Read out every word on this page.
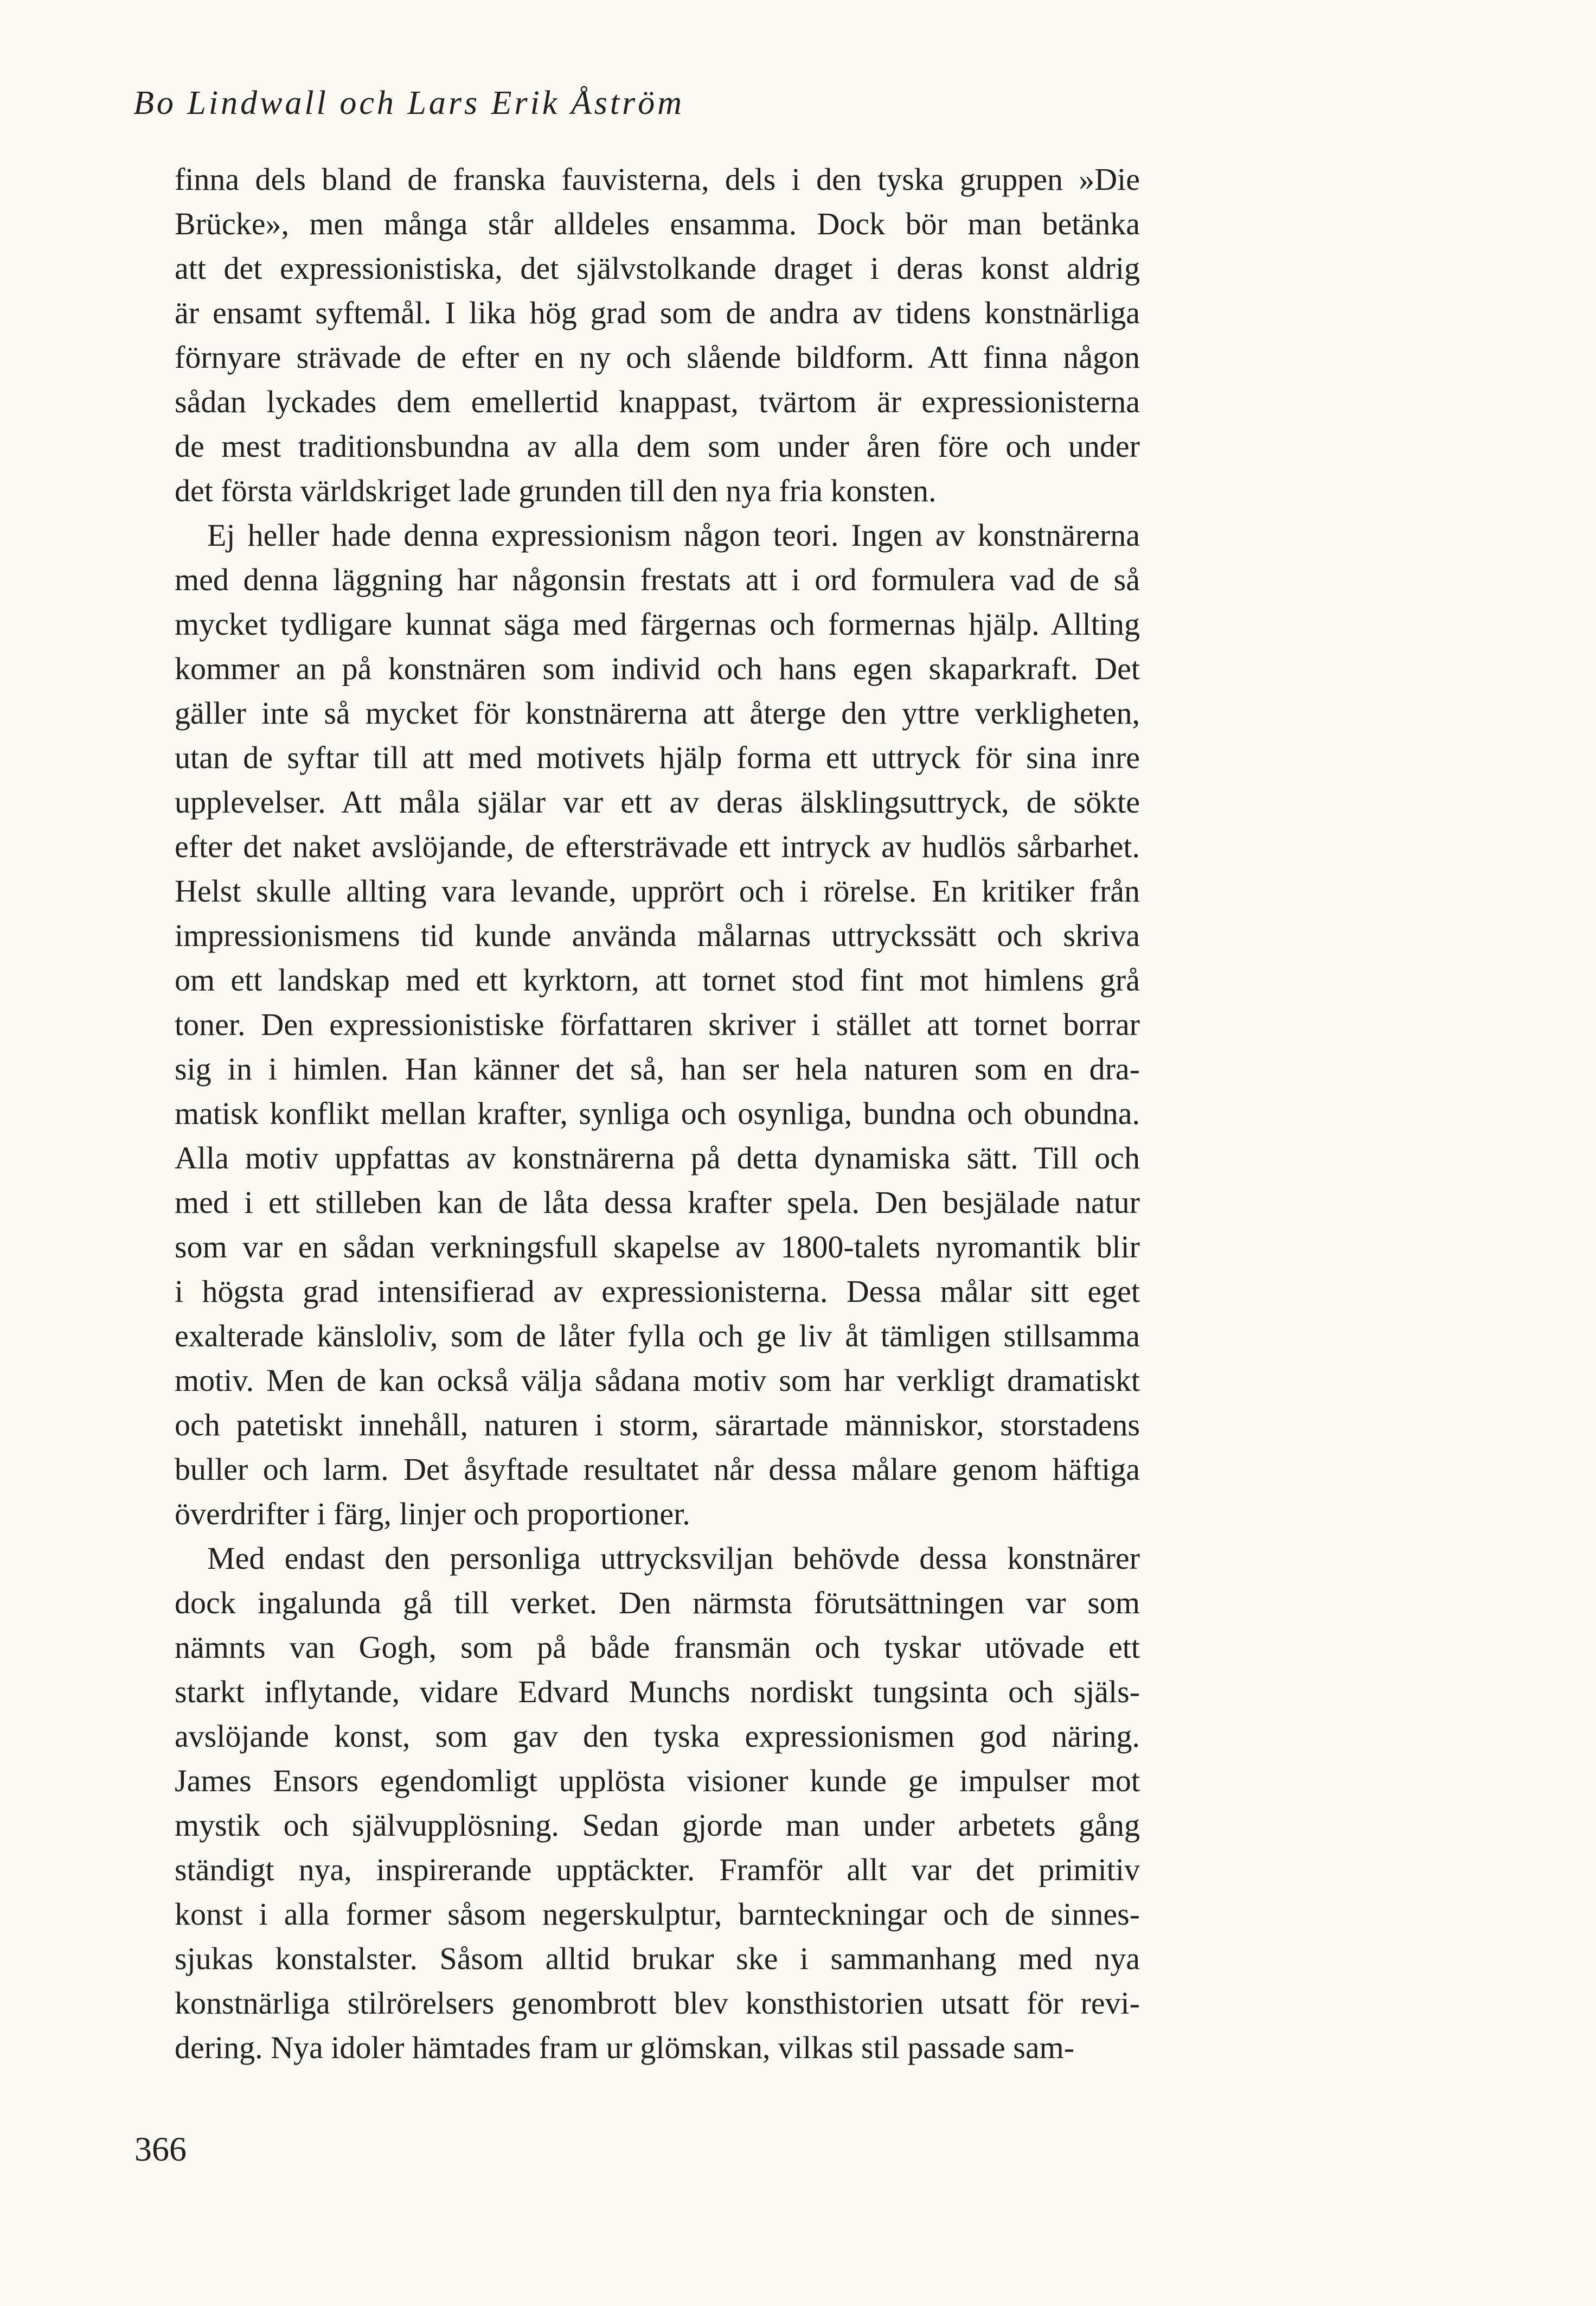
Bo Lindwall och Lars Erik Åström
finna dels bland de franska fauvisterna, dels i den tyska gruppen »Die
Brücke», men många står alldeles ensamma. Dock bör man betänka
att det expressionistiska, det självstolkande draget i deras konst aldrig
är ensamt syftemål. I lika hög grad som de andra av tidens konstnärliga
förnyare strävade de efter en ny och slående bildform. Att finna någon
sådan lyckades dem emellertid knappast, tvärtom är expressionisterna
de mest traditionsbundna av alla dem som under åren före och under
det första världskriget lade grunden till den nya fria konsten.
Ej heller hade denna expressionism någon teori. Ingen av konstnärerna
med denna läggning har någonsin frestats att i ord formulera vad de så
mycket tydligare kunnat säga med färgernas och formernas hjälp. Allting
kommer an på konstnären som individ och hans egen skaparkraft. Det
gäller inte så mycket för konstnärerna att återge den yttre verkligheten,
utan de syftar till att med motivets hjälp forma ett uttryck för sina inre
upplevelser. Att måla själar var ett av deras älsklingsuttryck, de sökte
efter det naket avslöjande, de eftersträvade ett intryck av hudlös sårbarhet.
Helst skulle allting vara levande, upprört och i rörelse. En kritiker från
impressionismens tid kunde använda målarnas uttryckssätt och skriva
om ett landskap med ett kyrktorn, att tornet stod fint mot himlens grå
toner. Den expressionistiske författaren skriver i stället att tornet borrar
sig in i himlen. Han känner det så, han ser hela naturen som en dra-
matisk konflikt mellan krafter, synliga och osynliga, bundna och obundna.
Alla motiv uppfattas av konstnärerna på detta dynamiska sätt. Till och
med i ett stilleben kan de låta dessa krafter spela. Den besjälade natur
som var en sådan verkningsfull skapelse av 1800-talets nyromantik blir
i högsta grad intensifierad av expressionisterna. Dessa målar sitt eget
exalterade känsloliv, som de låter fylla och ge liv åt tämligen stillsamma
motiv. Men de kan också välja sådana motiv som har verkligt dramatiskt
och patetiskt innehåll, naturen i storm, särartade människor, storstadens
buller och larm. Det åsyftade resultatet når dessa målare genom häftiga
överdrifter i färg, linjer och proportioner.
Med endast den personliga uttrycksviljan behövde dessa konstnärer
dock ingalunda gå till verket. Den närmsta förutsättningen var som
nämnts van Gogh, som på både fransmän och tyskar utövade ett
starkt inflytande, vidare Edvard Munchs nordiskt tungsinta och själs-
avslöjande konst, som gav den tyska expressionismen god näring.
James Ensors egendomligt upplösta visioner kunde ge impulser mot
mystik och självupplösning. Sedan gjorde man under arbetets gång
ständigt nya, inspirerande upptäckter. Framför allt var det primitiv
konst i alla former såsom negerskulptur, barnteckningar och de sinnes-
sjukas konstalster. Såsom alltid brukar ske i sammanhang med nya
konstnärliga stilrörelsers genombrott blev konsthistorien utsatt för revi-
dering. Nya idoler hämtades fram ur glömskan, vilkas stil passade sam-
366
